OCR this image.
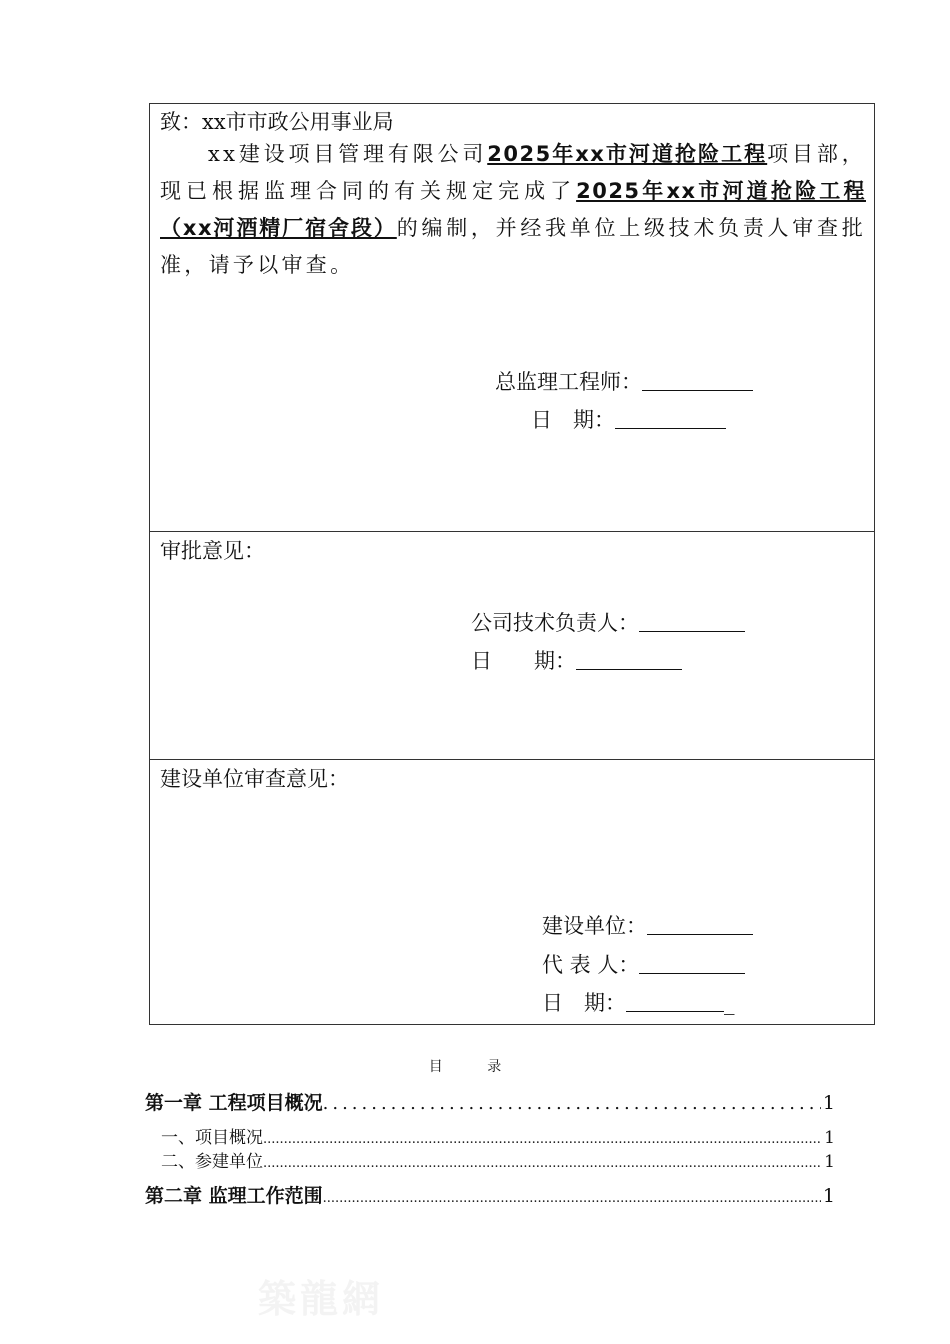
致：xx市市政公用事业局
xx建设项目管理有限公司2025年xx市河道抢险工程项目部，现已根据监理合同的有关规定完成了2025年xx市河道抢险工程（xx河酒精厂宿舍段）的编制，并经我单位上级技术负责人审查批准，请予以审查。
总监理工程师：
日　期：
审批意见：
公司技术负责人：
日　　期：
建设单位审查意见：
建设单位：
代 表 人：
日　期：	_
目 录
第一章 工程项目概况 .....	1
一、项目概况 .....	1
二、参建单位 .....	1
第二章 监理工作范围 .....	1
築龍網
